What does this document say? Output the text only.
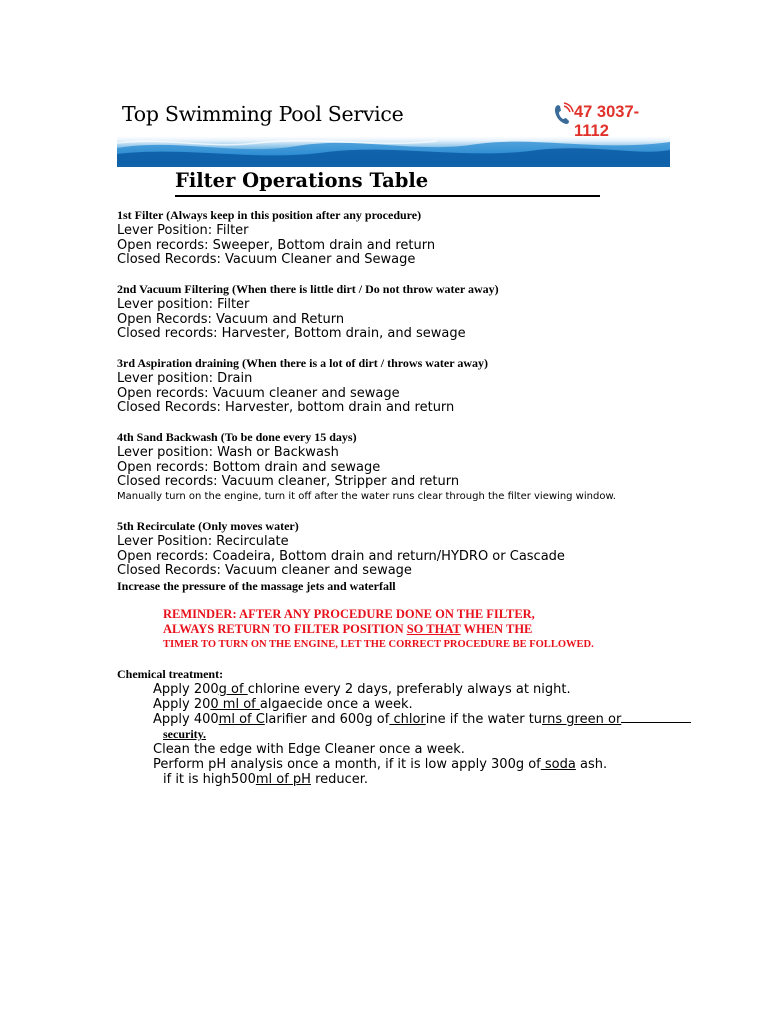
Top Swimming Pool Service	47 3037-1112
Filter Operations Table
1st Filter (Always keep in this position after any procedure)
Lever Position: Filter
Open records: Sweeper, Bottom drain and return
Closed Records: Vacuum Cleaner and Sewage
2nd Vacuum Filtering (When there is little dirt / Do not throw water away)
Lever position: Filter
Open Records: Vacuum and Return
Closed records: Harvester, Bottom drain, and sewage
3rd Aspiration draining (When there is a lot of dirt / throws water away)
Lever position: Drain
Open records: Vacuum cleaner and sewage
Closed Records: Harvester, bottom drain and return
4th Sand Backwash (To be done every 15 days)
Lever position: Wash or Backwash
Open records: Bottom drain and sewage
Closed records: Vacuum cleaner, Stripper and return
Manually turn on the engine, turn it off after the water runs clear through the filter viewing window.
5th Recirculate (Only moves water)
Lever Position: Recirculate
Open records: Coadeira, Bottom drain and return/HYDRO or Cascade
Closed Records: Vacuum cleaner and sewage
Increase the pressure of the massage jets and waterfall
REMINDER: AFTER ANY PROCEDURE DONE ON THE FILTER,
ALWAYS RETURN TO FILTER POSITION SO THAT WHEN THE
TIMER TO TURN ON THE ENGINE, LET THE CORRECT PROCEDURE BE FOLLOWED.
Chemical treatment:
Apply 200g of chlorine every 2 days, preferably always at night.
Apply 200 ml of algaecide once a week.
Apply 400ml of Clarifier and 600g of chlorine if the water turns green or
security.
Clean the edge with Edge Cleaner once a week.
Perform pH analysis once a month, if it is low apply 300g of soda ash.
if it is high500ml of pH reducer.
